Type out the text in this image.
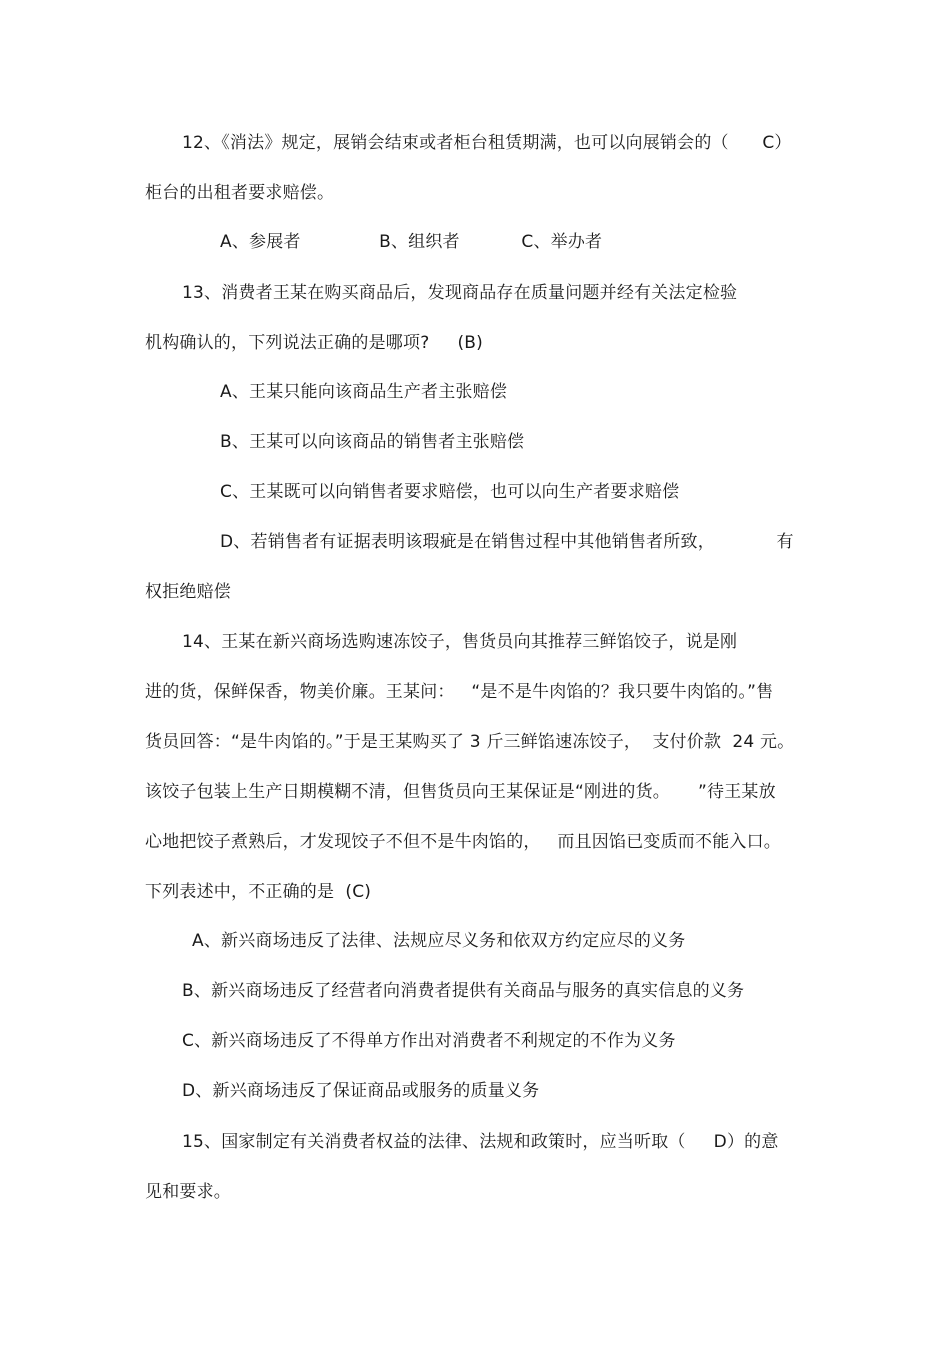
12、《消法》规定，展销会结束或者柜台租赁期满，也可以向展销会的（      C）
柜台的出租者要求赔偿。
A、参展者              B、组织者           C、举办者
13、消费者王某在购买商品后，发现商品存在质量问题并经有关法定检验
机构确认的，下列说法正确的是哪项?     (B)
A、王某只能向该商品生产者主张赔偿
B、王某可以向该商品的销售者主张赔偿
C、王某既可以向销售者要求赔偿，也可以向生产者要求赔偿
D、若销售者有证据表明该瑕疵是在销售过程中其他销售者所致，           有
权拒绝赔偿
14、王某在新兴商场选购速冻饺子，售货员向其推荐三鲜馅饺子，说是刚
进的货，保鲜保香，物美价廉。王某问：   “是不是牛肉馅的？我只要牛肉馅的。”售
货员回答：“是牛肉馅的。”于是王某购买了 3 斤三鲜馅速冻饺子，  支付价款  24 元。
该饺子包装上生产日期模糊不清，但售货员向王某保证是“刚进的货。     ”待王某放
心地把饺子煮熟后，才发现饺子不但不是牛肉馅的，   而且因馅已变质而不能入口。
下列表述中，不正确的是  (C)
A、新兴商场违反了法律、法规应尽义务和依双方约定应尽的义务
B、新兴商场违反了经营者向消费者提供有关商品与服务的真实信息的义务
C、新兴商场违反了不得单方作出对消费者不利规定的不作为义务
D、新兴商场违反了保证商品或服务的质量义务
15、国家制定有关消费者权益的法律、法规和政策时，应当听取（     D）的意
见和要求。
